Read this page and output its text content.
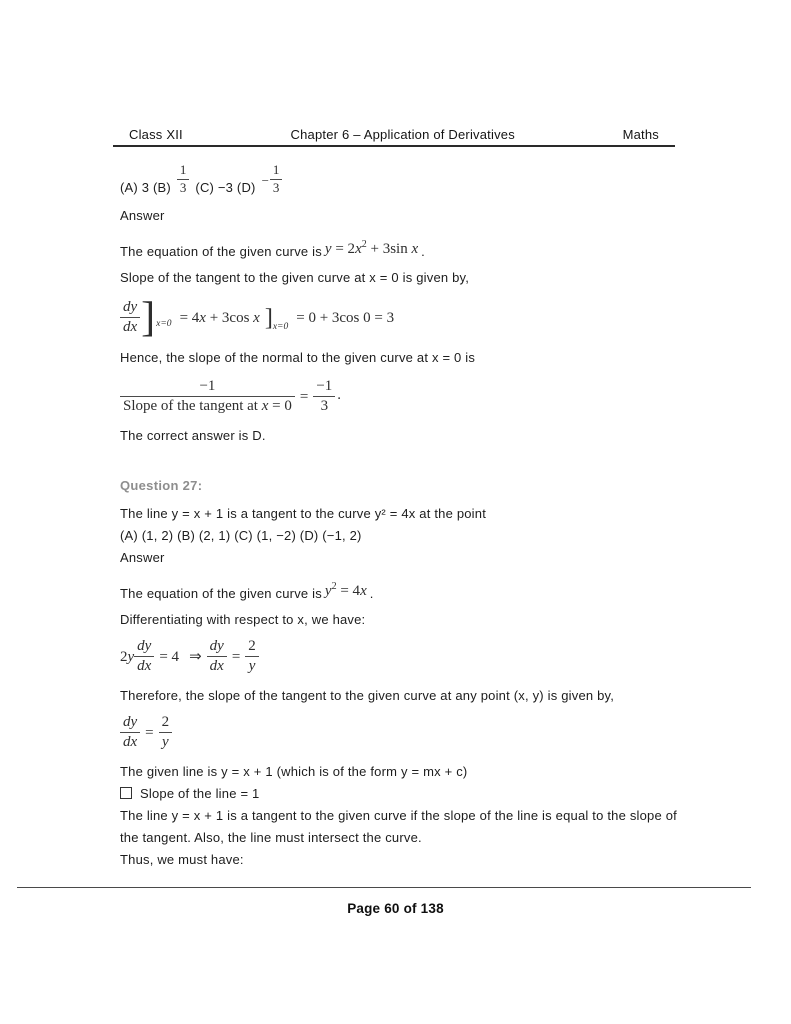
Class XII	Chapter 6 – Application of Derivatives	Maths
(A) 3 $(B) \frac{1}{3} (C) -3$ $(D) - \frac{1}{3}$
Answer
The equation of the given curve is $y = 2x^2 + 3\sin$ x .
Slope of the tangent to the given curve at x = 0 is given by,
$\frac{dy}{dx}$ ] x=0 = 4x + 3cos x ] x=0
= 0 + 3cos 0 = 3
Hence, the slope of the normal to the given curve at x = 0 is
$\frac{-1}{\text{Slope of the tangent at x = 0}} = \frac{-1}{3}$ .
The correct answer is D.
Question 27:
The line y = x + 1 is a tangent to the curve y² = 4x at the point
(A) (1, 2) (B) (2, 1) (C) (1, −2) (D) (−1, 2)
Answer
The equation of the given curve is $y^2 = 4x$ .
Differentiating with respect to x, we have:
2 y $\frac{dy}{dx} = 4$ ⇒ $\frac{dy}{dx} = \frac{2}{y}$
Therefore, the slope of the tangent to the given curve at any point (x, y) is given by,
$\frac{dy}{dx} = \frac{2}{y}$
The given line is y = x + 1 (which is of the form y = mx + c)
Slope of the line = 1
The line y = x + 1 is a tangent to the given curve if the slope of the line is equal to the slope of the tangent. Also, the line must intersect the curve.
Thus, we must have:
Page 60 of 138
